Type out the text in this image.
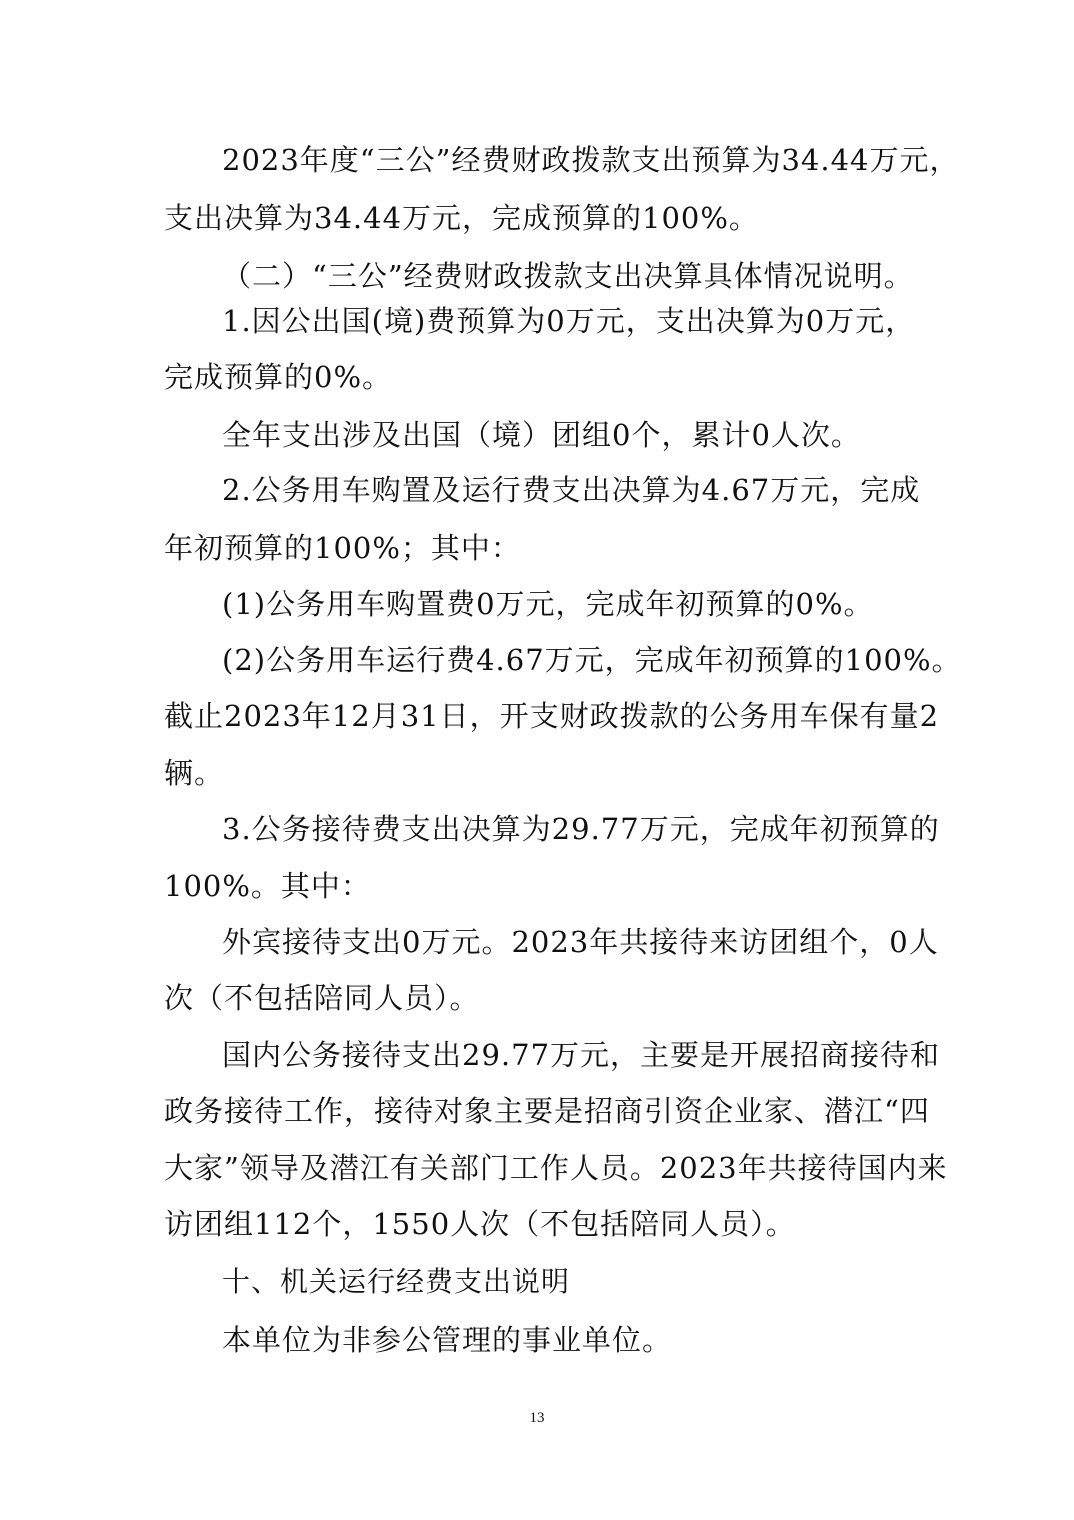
2023年度“三公”经费财政拨款支出预算为34.44万元，
支出决算为34.44万元，完成预算的100%。
（二）“三公”经费财政拨款支出决算具体情况说明。
1.因公出国(境)费预算为0万元，支出决算为0万元，
完成预算的0%。
全年支出涉及出国（境）团组0个，累计0人次。
2.公务用车购置及运行费支出决算为4.67万元，完成
年初预算的100%；其中：
(1)公务用车购置费0万元，完成年初预算的0%。
(2)公务用车运行费4.67万元，完成年初预算的100%。
截止2023年12月31日，开支财政拨款的公务用车保有量2
辆。
3.公务接待费支出决算为29.77万元，完成年初预算的
100%。其中：
外宾接待支出0万元。2023年共接待来访团组个，0人
次（不包括陪同人员）。
国内公务接待支出29.77万元，主要是开展招商接待和
政务接待工作，接待对象主要是招商引资企业家、潜江“四
大家”领导及潜江有关部门工作人员。2023年共接待国内来
访团组112个，1550人次（不包括陪同人员）。
十、机关运行经费支出说明
本单位为非参公管理的事业单位。
13
